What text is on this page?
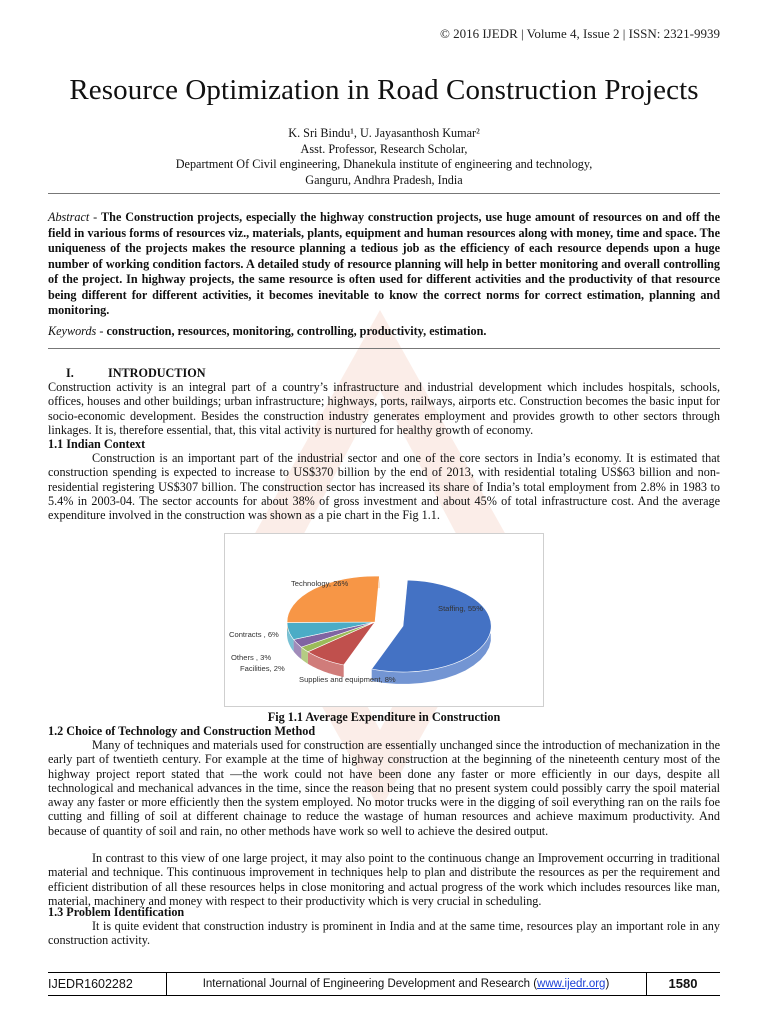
© 2016 IJEDR | Volume 4, Issue 2 | ISSN: 2321-9939
Resource Optimization in Road Construction Projects
K. Sri Bindu¹, U. Jayasanthosh Kumar²
Asst. Professor, Research Scholar,
Department Of Civil engineering, Dhanekula institute of engineering and technology,
Ganguru, Andhra Pradesh, India

Abstract - The Construction projects, especially the highway construction projects, use huge amount of resources on and off the field in various forms of resources viz., materials, plants, equipment and human resources along with money, time and space. The uniqueness of the projects makes the resource planning a tedious job as the efficiency of each resource depends upon a huge number of working condition factors. A detailed study of resource planning will help in better monitoring and overall controlling of the project. In highway projects, the same resource is often used for different activities and the productivity of that resource being different for different activities, it becomes inevitable to know the correct norms for correct estimation, planning and monitoring.

Keywords - construction, resources, monitoring, controlling, productivity, estimation.

I.	INTRODUCTION

Construction activity is an integral part of a country’s infrastructure and industrial development which includes hospitals, schools, offices, houses and other buildings; urban infrastructure; highways, ports, railways, airports etc. Construction becomes the basic input for socio-economic development. Besides the construction industry generates employment and provides growth to other sectors through linkages. It is, therefore essential, that, this vital activity is nurtured for healthy growth of economy.

1.1 Indian Context

Construction is an important part of the industrial sector and one of the core sectors in India’s economy. It is estimated that construction spending is expected to increase to US$370 billion by the end of 2013, with residential totaling US$63 billion and non-residential registering US$307 billion. The construction sector has increased its share of India’s total employment from 2.8% in 1983 to 5.4% in 2003-04. The sector accounts for about 38% of gross investment and about 45% of total infrastructure cost. And the average expenditure involved in the construction was shown as a pie chart in the Fig 1.1.

Staffing, 55%
Supplies and equipment, 8%
Facilities, 2%
Others , 3%
Contracts , 6%
Technology, 26%
Fig 1.1 Average Expenditure in Construction
1.2 Choice of Technology and Construction Method

Many of techniques and materials used for construction are essentially unchanged since the introduction of mechanization in the early part of twentieth century. For example at the time of highway construction at the beginning of the nineteenth century most of the highway project report stated that —the work could not have been done any faster or more efficiently in our days, despite all technological and mechanical advances in the time, since the reason being that no present system could possibly carry the spoil material away any faster or more efficiently then the system employed. No motor trucks were in the digging of soil everything ran on the rails foe cutting and filling of soil at different chainage to reduce the wastage of human resources and achieve maximum productivity. And because of quantity of soil and rain, no other methods have work so well to achieve the desired output.

In contrast to this view of one large project, it may also point to the continuous change an Improvement occurring in traditional material and technique. This continuous improvement in techniques help to plan and distribute the resources as per the requirement and efficient distribution of all these resources helps in close monitoring and actual progress of the work which includes resources like man, material, machinery and money with respect to their productivity which is very crucial in scheduling.

1.3 Problem Identification

It is quite evident that construction industry is prominent in India and at the same time, resources play an important role in any construction activity.

IJEDR1602282	International Journal of Engineering Development and Research (www.ijedr.org)	1580
